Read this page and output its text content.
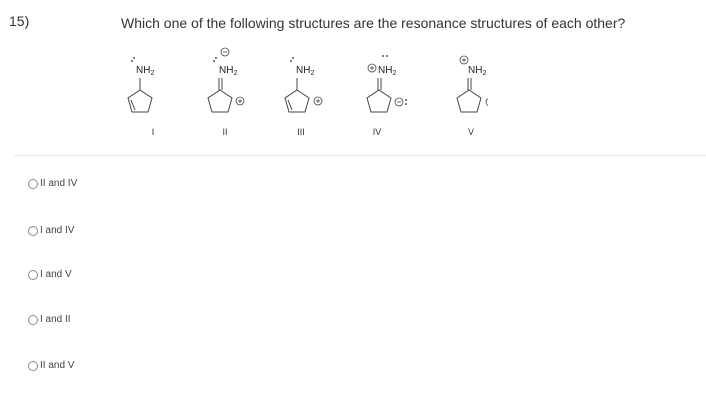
15)	Which one of the following structures are the resonance structures of each other?
$NH_2$
I
$NH_2$
II
$NH_2$
III
$NH_2$
IV
$NH_2$
V
II and IV
I and IV
I and V
I and II
II and V
